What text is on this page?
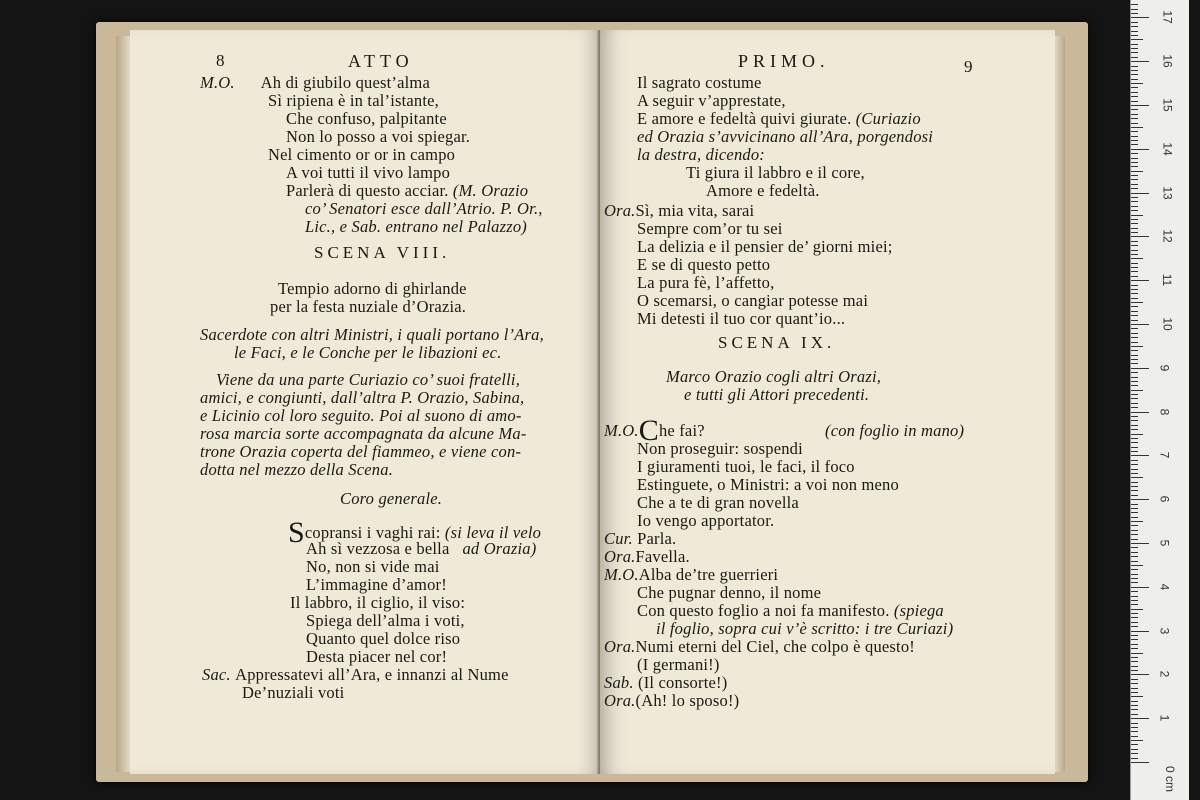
8	ATTO
M.O. Ah di giubilo quest’alma
Sì ripiena è in tal’istante,
Che confuso, palpitante
Non lo posso a voi spiegar.
Nel cimento or or in campo
A voi tutti il vivo lampo
Parlerà di questo acciar. (M. Orazio
co’ Senatori esce dall’Atrio. P. Or.,
Lic., e Sab. entrano nel Palazzo)
SCENA VIII.
Tempio adorno di ghirlande
per la festa nuziale d’Orazia.
Sacerdote con altri Ministri, i quali portano l’Ara,
le Faci, e le Conche per le libazioni ec.
Viene da una parte Curiazio co’ suoi fratelli,
amici, e congiunti, dall’altra P. Orazio, Sabina,
e Licinio col loro seguito. Poi al suono di amo-
rosa marcia sorte accompagnata da alcune Ma-
trone Orazia coperta del fiammeo, e viene con-
dotta nel mezzo della Scena.
Coro generale.
Scopransi i vaghi rai: (si leva il velo
Ah sì vezzosa e bella ad Orazia)
No, non si vide mai
L’immagine d’amor!
Il labbro, il ciglio, il viso:
Spiega dell’alma i voti,
Quanto quel dolce riso
Desta piacer nel cor!
Sac. Appressatevi all’Ara, e innanzi al Nume
De’nuziali voti
PRIMO.	9
Il sagrato costume
A seguir v’apprestate,
E amore e fedeltà quivi giurate. (Curiazio
ed Orazia s’avvicinano all’Ara, porgendosi
la destra, dicendo:
Ti giura il labbro e il core,
Amore e fedeltà.
Ora.Sì, mia vita, sarai
Sempre com’or tu sei
La delizia e il pensier de’ giorni miei;
E se di questo petto
La pura fè, l’affetto,
O scemarsi, o cangiar potesse mai
Mi detesti il tuo cor quant’io...
SCENA IX.
Marco Orazio cogli altri Orazi,
e tutti gli Attori precedenti.
M.O.Che fai?	(con foglio in mano)
Non proseguir: sospendi
I giuramenti tuoi, le faci, il foco
Estinguete, o Ministri: a voi non meno
Che a te di gran novella
Io vengo apportator.
Cur. Parla.
Ora.Favella.
M.O.Alba de’tre guerrieri
Che pugnar denno, il nome
Con questo foglio a noi fa manifesto. (spiega
il foglio, sopra cui v’è scritto: i tre Curiazi)
Ora.Numi eterni del Ciel, che colpo è questo!
(I germani!)
Sab. (Il consorte!)
Ora.(Ah! lo sposo!)
0 cm
1
2
3
4
5
6
7
8
9
10
11
12
13
14
15
16
17
